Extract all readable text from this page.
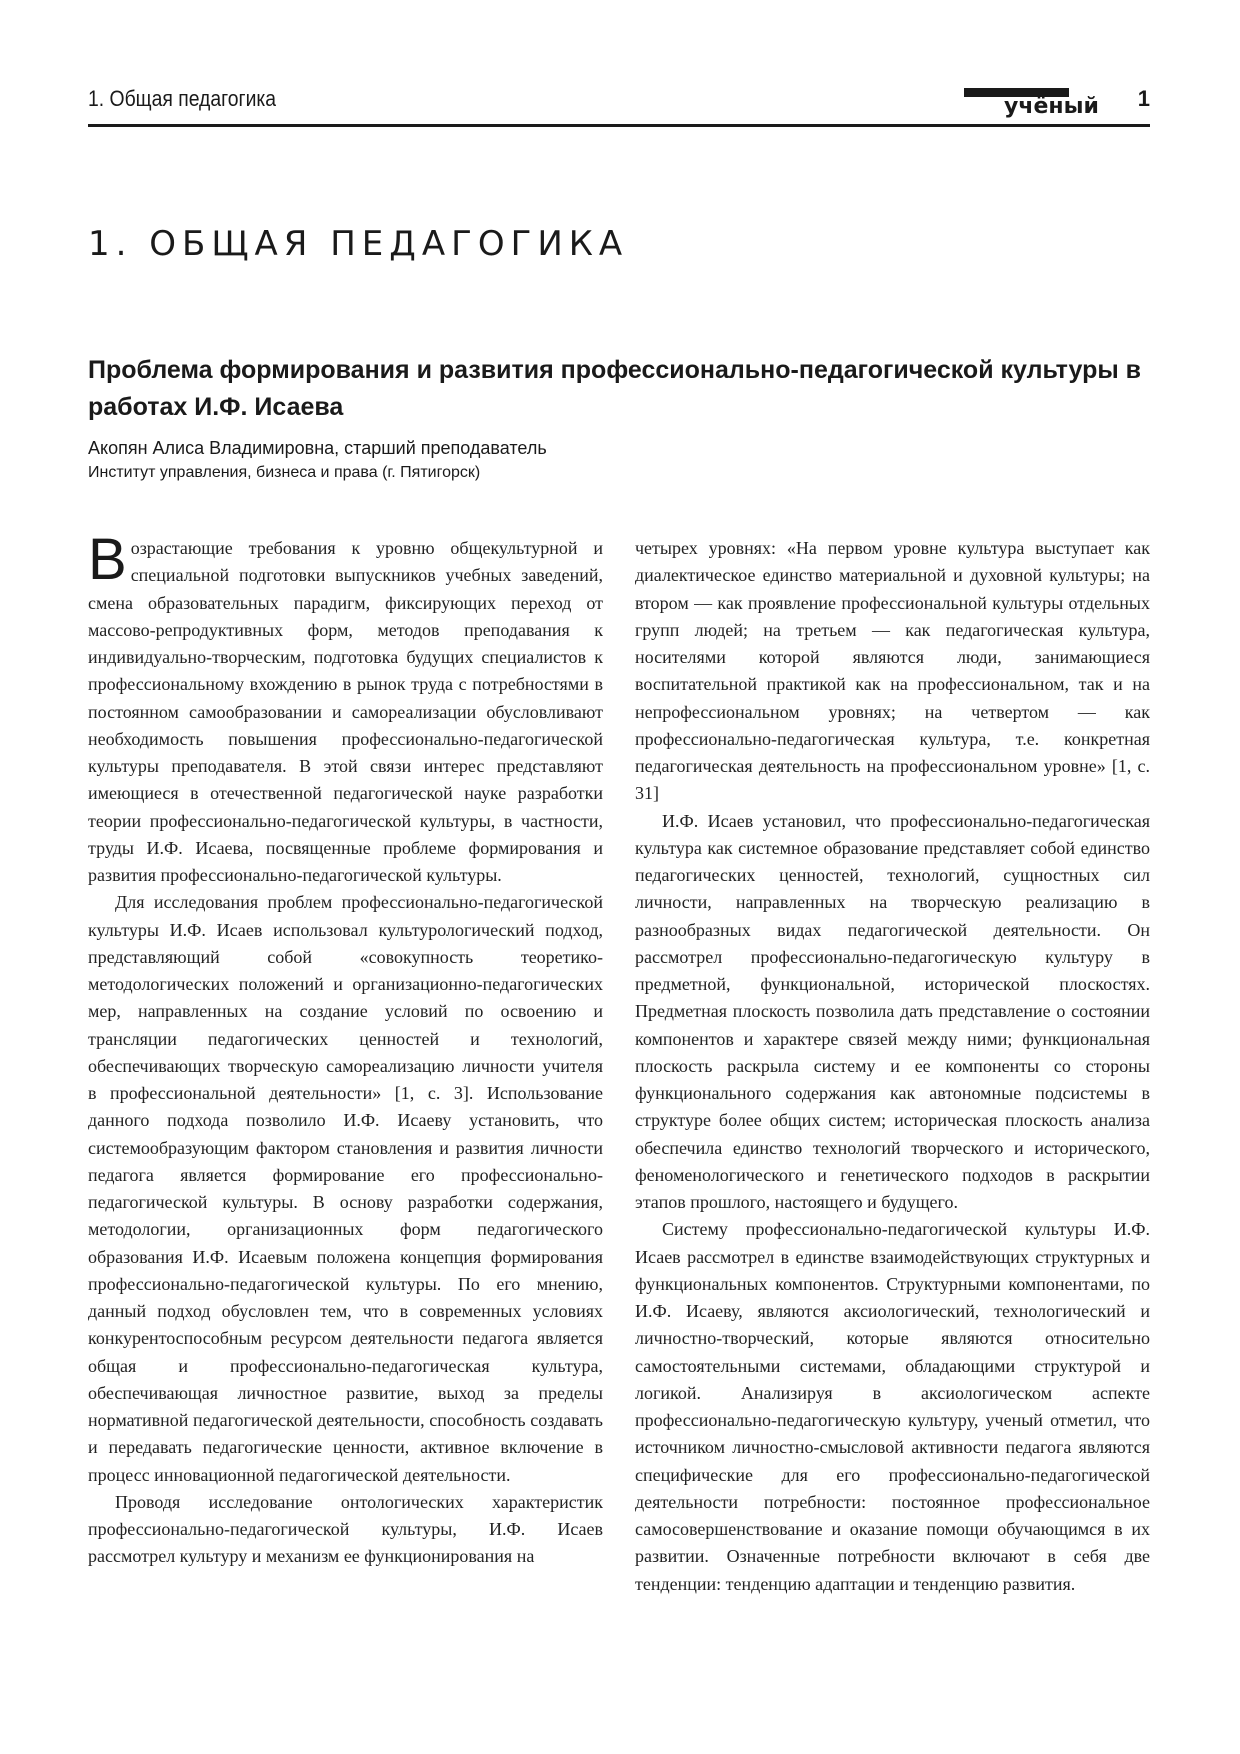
1. Общая педагогика	учёный 1
1. ОБЩАЯ ПЕДАГОГИКА
Проблема формирования и развития профессионально-педагогической культуры в работах И.Ф. Исаева
Акопян Алиса Владимировна, старший преподаватель
Институт управления, бизнеса и права (г. Пятигорск)

Возрастающие требования к уровню общекультурной и специальной подготовки выпускников учебных заведений, смена образовательных парадигм, фиксирующих переход от массово-репродуктивных форм, методов преподавания к индивидуально-творческим, подготовка будущих специалистов к профессиональному вхождению в рынок труда с потребностями в постоянном самообразовании и самореализации обусловливают необходимость повышения профессионально-педагогической культуры преподавателя. В этой связи интерес представляют имеющиеся в отечественной педагогической науке разработки теории профессионально-педагогической культуры, в частности, труды И.Ф. Исаева, посвященные проблеме формирования и развития профессионально-педагогической культуры.

Для исследования проблем профессионально-педагогической культуры И.Ф. Исаев использовал культурологический подход, представляющий собой «совокупность теоретико-методологических положений и организационно-педагогических мер, направленных на создание условий по освоению и трансляции педагогических ценностей и технологий, обеспечивающих творческую самореализацию личности учителя в профессиональной деятельности» [1, с. 3]. Использование данного подхода позволило И.Ф. Исаеву установить, что системообразующим фактором становления и развития личности педагога является формирование его профессионально-педагогической культуры. В основу разработки содержания, методологии, организационных форм педагогического образования И.Ф. Исаевым положена концепция формирования профессионально-педагогической культуры. По его мнению, данный подход обусловлен тем, что в современных условиях конкурентоспособным ресурсом деятельности педагога является общая и профессионально-педагогическая культура, обеспечивающая личностное развитие, выход за пределы нормативной педагогической деятельности, способность создавать и передавать педагогические ценности, активное включение в процесс инновационной педагогической деятельности.

Проводя исследование онтологических характеристик профессионально-педагогической культуры, И.Ф. Исаев рассмотрел культуру и механизм ее функционирования на

четырех уровнях: «На первом уровне культура выступает как диалектическое единство материальной и духовной культуры; на втором — как проявление профессиональной культуры отдельных групп людей; на третьем — как педагогическая культура, носителями которой являются люди, занимающиеся воспитательной практикой как на профессиональном, так и на непрофессиональном уровнях; на четвертом — как профессионально-педагогическая культура, т.е. конкретная педагогическая деятельность на профессиональном уровне» [1, с. 31]

И.Ф. Исаев установил, что профессионально-педагогическая культура как системное образование представляет собой единство педагогических ценностей, технологий, сущностных сил личности, направленных на творческую реализацию в разнообразных видах педагогической деятельности. Он рассмотрел профессионально-педагогическую культуру в предметной, функциональной, исторической плоскостях. Предметная плоскость позволила дать представление о состоянии компонентов и характере связей между ними; функциональная плоскость раскрыла систему и ее компоненты со стороны функционального содержания как автономные подсистемы в структуре более общих систем; историческая плоскость анализа обеспечила единство технологий творческого и исторического, феноменологического и генетического подходов в раскрытии этапов прошлого, настоящего и будущего.

Систему профессионально-педагогической культуры И.Ф. Исаев рассмотрел в единстве взаимодействующих структурных и функциональных компонентов. Структурными компонентами, по И.Ф. Исаеву, являются аксиологический, технологический и личностно-творческий, которые являются относительно самостоятельными системами, обладающими структурой и логикой. Анализируя в аксиологическом аспекте профессионально-педагогическую культуру, ученый отметил, что источником личностно-смысловой активности педагога являются специфические для его профессионально-педагогической деятельности потребности: постоянное профессиональное самосовершенствование и оказание помощи обучающимся в их развитии. Означенные потребности включают в себя две тенденции: тенденцию адаптации и тенденцию развития.
